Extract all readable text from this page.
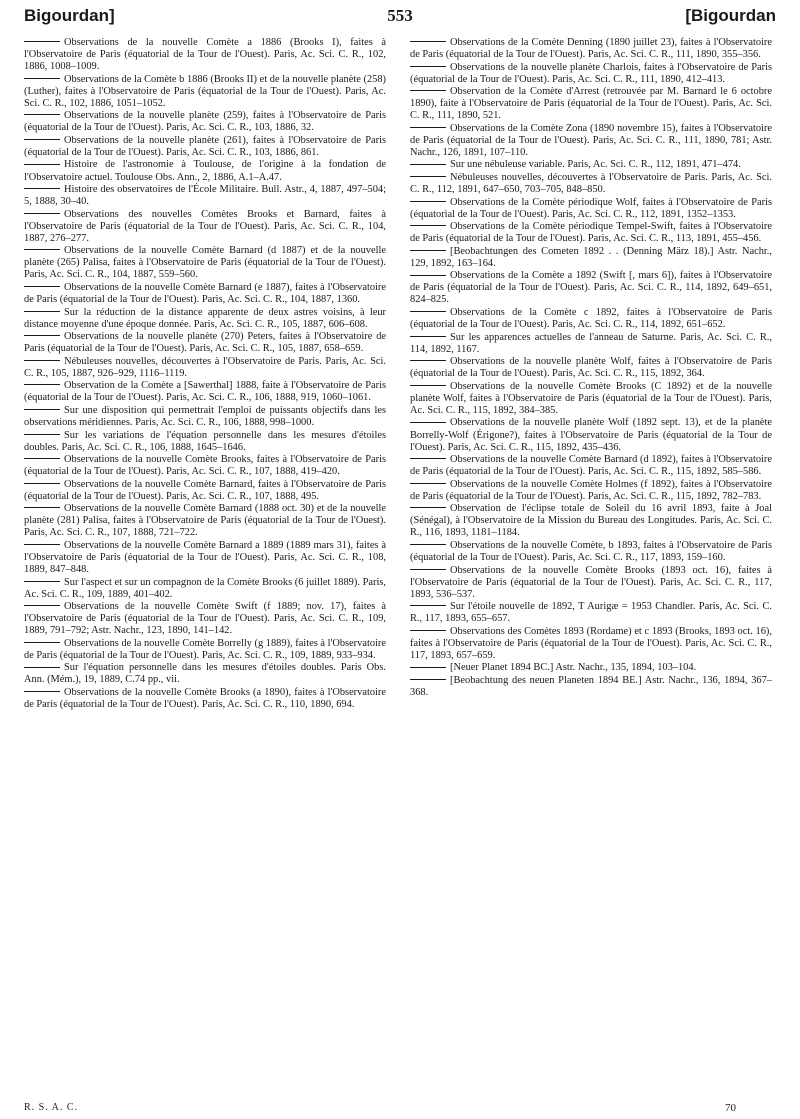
Bigourdan]	553	[Bigourdan
Observations de la nouvelle Comète a 1886 (Brooks I), faites à l'Observatoire de Paris (équatorial de la Tour de l'Ouest). Paris, Ac. Sci. C. R., 102, 1886, 1008–1009.
Observations de la Comète b 1886 (Brooks II) et de la nouvelle planète (258) (Luther), faites à l'Observatoire de Paris (équatorial de la Tour de l'Ouest). Paris, Ac. Sci. C. R., 102, 1886, 1051–1052.
Observations de la nouvelle planète (259), faites à l'Observatoire de Paris (équatorial de la Tour de l'Ouest). Paris, Ac. Sci. C. R., 103, 1886, 32.
Observations de la nouvelle planète (261), faites à l'Observatoire de Paris (équatorial de la Tour de l'Ouest). Paris, Ac. Sci. C. R., 103, 1886, 861.
Histoire de l'astronomie à Toulouse, de l'origine à la fondation de l'Observatoire actuel. Toulouse Obs. Ann., 2, 1886, A.1–A.47.
Histoire des observatoires de l'École Militaire. Bull. Astr., 4, 1887, 497–504; 5, 1888, 30–40.
Observations des nouvelles Comètes Brooks et Barnard, faites à l'Observatoire de Paris (équatorial de la Tour de l'Ouest). Paris, Ac. Sci. C. R., 104, 1887, 276–277.
Observations de la nouvelle Comète Barnard (d 1887) et de la nouvelle planète (265) Palisa, faites à l'Observatoire de Paris (équatorial de la Tour de l'Ouest). Paris, Ac. Sci. C. R., 104, 1887, 559–560.
Observations de la nouvelle Comète Barnard (e 1887), faites à l'Observatoire de Paris (équatorial de la Tour de l'Ouest). Paris, Ac. Sci. C. R., 104, 1887, 1360.
Sur la réduction de la distance apparente de deux astres voisins, à leur distance moyenne d'une époque donnée. Paris, Ac. Sci. C. R., 105, 1887, 606–608.
Observations de la nouvelle planète (270) Peters, faites à l'Observatoire de Paris (équatorial de la Tour de l'Ouest). Paris, Ac. Sci. C. R., 105, 1887, 658–659.
Nébuleuses nouvelles, découvertes à l'Observatoire de Paris. Paris, Ac. Sci. C. R., 105, 1887, 926–929, 1116–1119.
Observation de la Comète a [Sawerthal] 1888, faite à l'Observatoire de Paris (équatorial de la Tour de l'Ouest). Paris, Ac. Sci. C. R., 106, 1888, 919, 1060–1061.
Sur une disposition qui permettrait l'emploi de puissants objectifs dans les observations méridiennes. Paris, Ac. Sci. C. R., 106, 1888, 998–1000.
Sur les variations de l'équation personnelle dans les mesures d'étoiles doubles. Paris, Ac. Sci. C. R., 106, 1888, 1645–1646.
Observations de la nouvelle Comète Brooks, faites à l'Observatoire de Paris (équatorial de la Tour de l'Ouest). Paris, Ac. Sci. C. R., 107, 1888, 419–420.
Observations de la nouvelle Comète Barnard, faites à l'Observatoire de Paris (équatorial de la Tour de l'Ouest). Paris, Ac. Sci. C. R., 107, 1888, 495.
Observations de la nouvelle Comète Barnard (1888 oct. 30) et de la nouvelle planète (281) Palisa, faites à l'Observatoire de Paris (équatorial de la Tour de l'Ouest). Paris, Ac. Sci. C. R., 107, 1888, 721–722.
Observations de la nouvelle Comète Barnard a 1889 (1889 mars 31), faites à l'Observatoire de Paris (équatorial de la Tour de l'Ouest). Paris, Ac. Sci. C. R., 108, 1889, 847–848.
Sur l'aspect et sur un compagnon de la Comète Brooks (6 juillet 1889). Paris, Ac. Sci. C. R., 109, 1889, 401–402.
Observations de la nouvelle Comète Swift (f 1889; nov. 17), faites à l'Observatoire de Paris (équatorial de la Tour de l'Ouest). Paris, Ac. Sci. C. R., 109, 1889, 791–792; Astr. Nachr., 123, 1890, 141–142.
Observations de la nouvelle Comète Borrelly (g 1889), faites à l'Observatoire de Paris (équatorial de la Tour de l'Ouest). Paris, Ac. Sci. C. R., 109, 1889, 933–934.
Sur l'équation personnelle dans les mesures d'étoiles doubles. Paris Obs. Ann. (Mém.), 19, 1889, C.74 pp., vii.
Observations de la nouvelle Comète Brooks (a 1890), faites à l'Observatoire de Paris (équatorial de la Tour de l'Ouest). Paris, Ac. Sci. C. R., 110, 1890, 694.
Observations de la Comète Denning (1890 juillet 23), faites à l'Observatoire de Paris (équatorial de la Tour de l'Ouest). Paris, Ac. Sci. C. R., 111, 1890, 355–356.
Observations de la nouvelle planète Charlois, faites à l'Observatoire de Paris (équatorial de la Tour de l'Ouest). Paris, Ac. Sci. C. R., 111, 1890, 412–413.
Observation de la Comète d'Arrest (retrouvée par M. Barnard le 6 octobre 1890), faite à l'Observatoire de Paris (équatorial de la Tour de l'Ouest). Paris, Ac. Sci. C. R., 111, 1890, 521.
Observations de la Comète Zona (1890 novembre 15), faites à l'Observatoire de Paris (équatorial de la Tour de l'Ouest). Paris, Ac. Sci. C. R., 111, 1890, 781; Astr. Nachr., 126, 1891, 107–110.
Sur une nébuleuse variable. Paris, Ac. Sci. C. R., 112, 1891, 471–474.
Nébuleuses nouvelles, découvertes à l'Observatoire de Paris. Paris, Ac. Sci. C. R., 112, 1891, 647–650, 703–705, 848–850.
Observations de la Comète périodique Wolf, faites à l'Observatoire de Paris (équatorial de la Tour de l'Ouest). Paris, Ac. Sci. C. R., 112, 1891, 1352–1353.
Observations de la Comète périodique Tempel-Swift, faites à l'Observatoire de Paris (équatorial de la Tour de l'Ouest). Paris, Ac. Sci. C. R., 113, 1891, 455–456.
[Beobachtungen des Cometen 1892 . . (Denning März 18).] Astr. Nachr., 129, 1892, 163–164.
Observations de la Comète a 1892 (Swift [, mars 6]), faites à l'Observatoire de Paris (équatorial de la Tour de l'Ouest). Paris, Ac. Sci. C. R., 114, 1892, 649–651, 824–825.
Observations de la Comète c 1892, faites à l'Observatoire de Paris (équatorial de la Tour de l'Ouest). Paris, Ac. Sci. C. R., 114, 1892, 651–652.
Sur les apparences actuelles de l'anneau de Saturne. Paris, Ac. Sci. C. R., 114, 1892, 1167.
Observations de la nouvelle planète Wolf, faites à l'Observatoire de Paris (équatorial de la Tour de l'Ouest). Paris, Ac. Sci. C. R., 115, 1892, 364.
Observations de la nouvelle Comète Brooks (C 1892) et de la nouvelle planète Wolf, faites à l'Observatoire de Paris (équatorial de la Tour de l'Ouest). Paris, Ac. Sci. C. R., 115, 1892, 384–385.
Observations de la nouvelle planète Wolf (1892 sept. 13), et de la planète Borrelly-Wolf (Érigone?), faites à l'Observatoire de Paris (équatorial de la Tour de l'Ouest). Paris, Ac. Sci. C. R., 115, 1892, 435–436.
Observations de la nouvelle Comète Barnard (d 1892), faites à l'Observatoire de Paris (équatorial de la Tour de l'Ouest). Paris, Ac. Sci. C. R., 115, 1892, 585–586.
Observations de la nouvelle Comète Holmes (f 1892), faites à l'Observatoire de Paris (équatorial de la Tour de l'Ouest). Paris, Ac. Sci. C. R., 115, 1892, 782–783.
Observation de l'éclipse totale de Soleil du 16 avril 1893, faite à Joal (Sénégal), à l'Observatoire de la Mission du Bureau des Longitudes. Paris, Ac. Sci. C. R., 116, 1893, 1181–1184.
Observations de la nouvelle Comète, b 1893, faites à l'Observatoire de Paris (équatorial de la Tour de l'Ouest). Paris, Ac. Sci. C. R., 117, 1893, 159–160.
Observations de la nouvelle Comète Brooks (1893 oct. 16), faites à l'Observatoire de Paris (équatorial de la Tour de l'Ouest). Paris, Ac. Sci. C. R., 117, 1893, 536–537.
Sur l'étoile nouvelle de 1892, T Aurigæ = 1953 Chandler. Paris, Ac. Sci. C. R., 117, 1893, 655–657.
Observations des Comètes 1893 (Rordame) et c 1893 (Brooks, 1893 oct. 16), faites à l'Observatoire de Paris (équatorial de la Tour de l'Ouest). Paris, Ac. Sci. C. R., 117, 1893, 657–659.
[Neuer Planet 1894 BC.] Astr. Nachr., 135, 1894, 103–104.
[Beobachtung des neuen Planeten 1894 BE.] Astr. Nachr., 136, 1894, 367–368.
R. S. A. C.	70
